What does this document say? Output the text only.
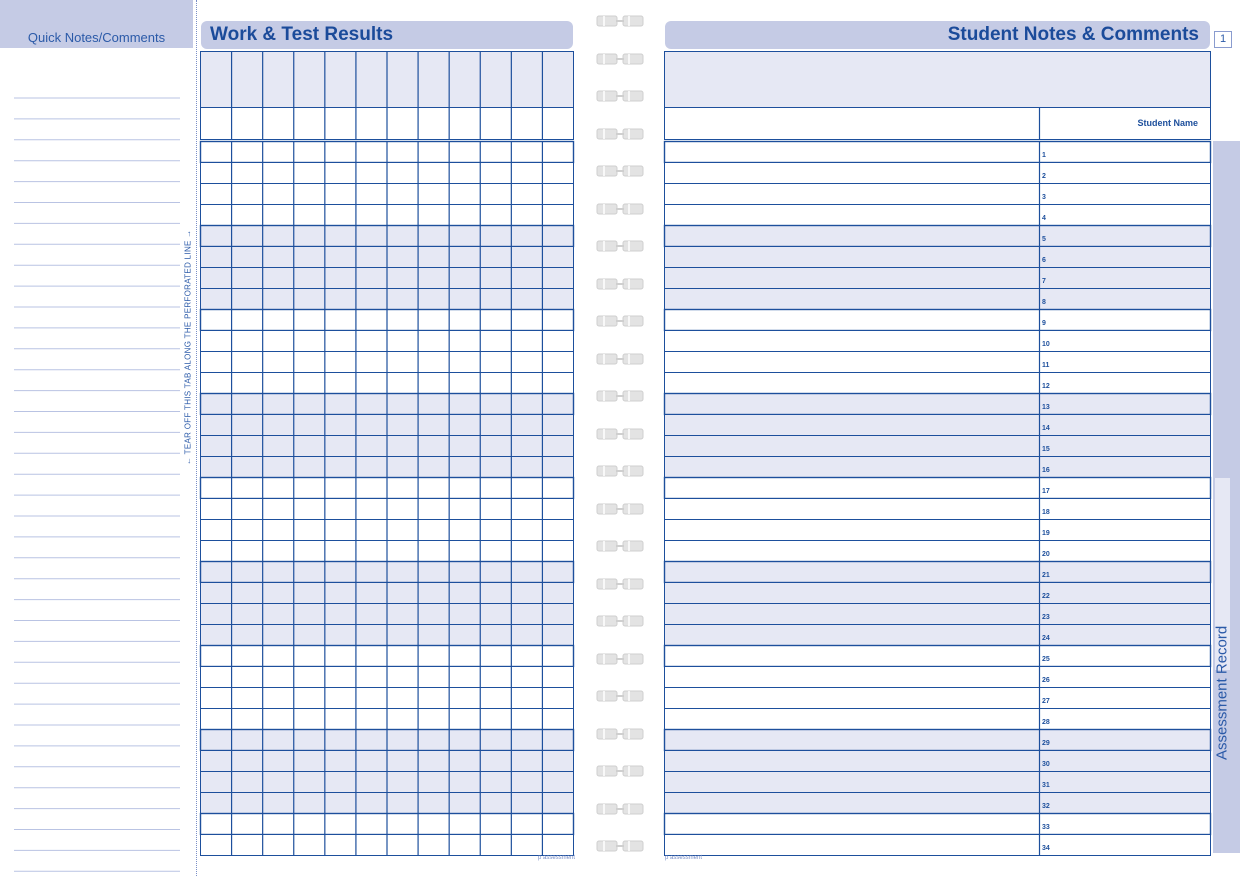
Quick Notes/Comments
← TEAR OFF THIS TAB ALONG THE PERFORATED LINE →
Work & Test Results
p assessment
Student Notes & Comments	1
Student Name
1
2
3
4
5
6
7
8
9
10
11
12
13
14
15
16
17
18
19
20
21
22
23
24
25
26
27
28
29
30
31
32
33
34
p assessment
